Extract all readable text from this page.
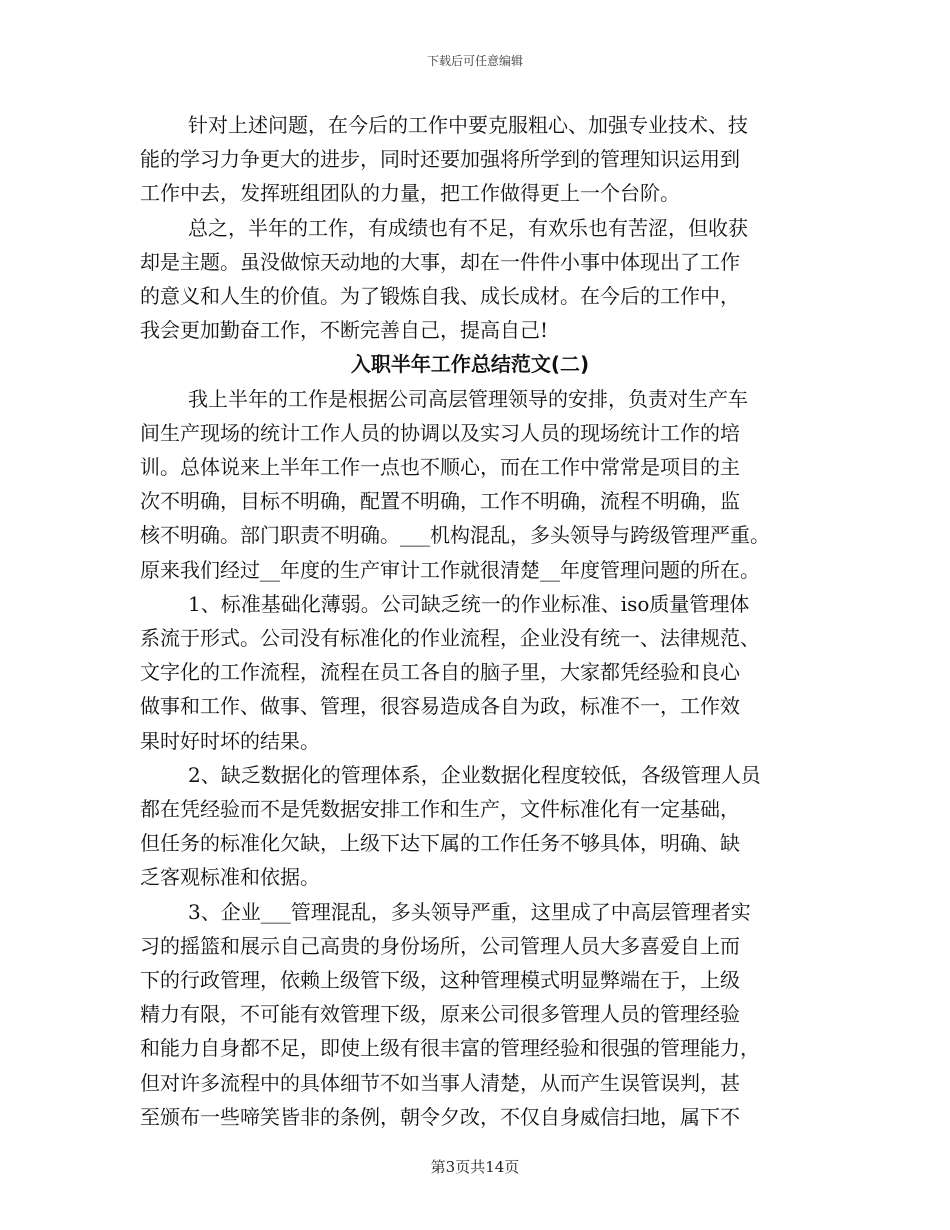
下载后可任意编辑
针对上述问题，在今后的工作中要克服粗心、加强专业技术、技
能的学习力争更大的进步，同时还要加强将所学到的管理知识运用到
工作中去，发挥班组团队的力量，把工作做得更上一个台阶。
总之，半年的工作，有成绩也有不足，有欢乐也有苦涩，但收获
却是主题。虽没做惊天动地的大事，却在一件件小事中体现出了工作
的意义和人生的价值。为了锻炼自我、成长成材。在今后的工作中，
我会更加勤奋工作，不断完善自己，提高自己!
入职半年工作总结范文(二)
我上半年的工作是根据公司高层管理领导的安排，负责对生产车
间生产现场的统计工作人员的协调以及实习人员的现场统计工作的培
训。总体说来上半年工作一点也不顺心，而在工作中常常是项目的主
次不明确，目标不明确，配置不明确，工作不明确，流程不明确，监
核不明确。部门职责不明确。___机构混乱，多头领导与跨级管理严重。
原来我们经过__年度的生产审计工作就很清楚__年度管理问题的所在。
1、标准基础化薄弱。公司缺乏统一的作业标准、iso质量管理体
系流于形式。公司没有标准化的作业流程，企业没有统一、法律规范、
文字化的工作流程，流程在员工各自的脑子里，大家都凭经验和良心
做事和工作、做事、管理，很容易造成各自为政，标准不一，工作效
果时好时坏的结果。
2、缺乏数据化的管理体系，企业数据化程度较低，各级管理人员
都在凭经验而不是凭数据安排工作和生产，文件标准化有一定基础，
但任务的标准化欠缺，上级下达下属的工作任务不够具体，明确、缺
乏客观标准和依据。
3、企业___管理混乱，多头领导严重，这里成了中高层管理者实
习的摇篮和展示自己高贵的身份场所，公司管理人员大多喜爱自上而
下的行政管理，依赖上级管下级，这种管理模式明显弊端在于，上级
精力有限，不可能有效管理下级，原来公司很多管理人员的管理经验
和能力自身都不足，即使上级有很丰富的管理经验和很强的管理能力，
但对许多流程中的具体细节不如当事人清楚，从而产生误管误判，甚
至颁布一些啼笑皆非的条例，朝令夕改，不仅自身威信扫地，属下不
第3页共14页
